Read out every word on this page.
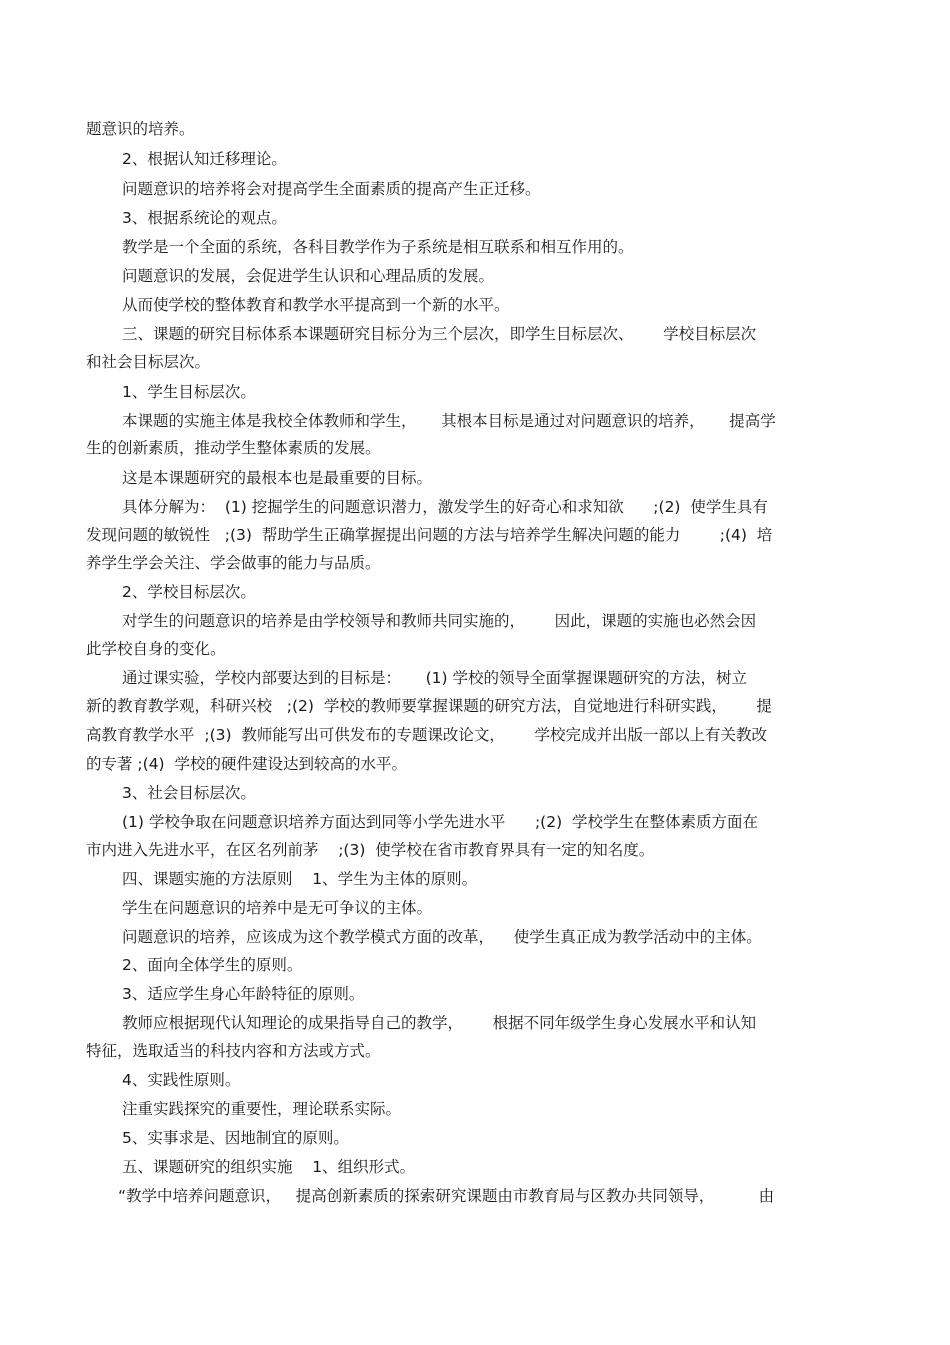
题意识的培养。
2、根据认知迁移理论。
问题意识的培养将会对提高学生全面素质的提高产生正迁移。
3、根据系统论的观点。
教学是一个全面的系统，各科目教学作为子系统是相互联系和相互作用的。
问题意识的发展，会促进学生认识和心理品质的发展。
从而使学校的整体教育和教学水平提高到一个新的水平。
三、课题的研究目标体系本课题研究目标分为三个层次，即学生目标层次、      学校目标层次
和社会目标层次。
1、学生目标层次。
本课题的实施主体是我校全体教师和学生，     其根本目标是通过对问题意识的培养，     提高学
生的创新素质，推动学生整体素质的发展。
这是本课题研究的最根本也是最重要的目标。
具体分解为：  (1) 挖掘学生的问题意识潜力，激发学生的好奇心和求知欲      ;(2)  使学生具有
发现问题的敏锐性   ;(3)  帮助学生正确掌握提出问题的方法与培养学生解决问题的能力        ;(4)  培
养学生学会关注、学会做事的能力与品质。
2、学校目标层次。
对学生的问题意识的培养是由学校领导和教师共同实施的，      因此，课题的实施也必然会因
此学校自身的变化。
通过课实验，学校内部要达到的目标是：     (1) 学校的领导全面掌握课题研究的方法，树立
新的教育教学观，科研兴校   ;(2)  学校的教师要掌握课题的研究方法，自觉地进行科研实践，      提
高教育教学水平  ;(3)  教师能写出可供发布的专题课改论文，      学校完成并出版一部以上有关教改
的专著 ;(4)  学校的硬件建设达到较高的水平。
3、社会目标层次。
(1) 学校争取在问题意识培养方面达到同等小学先进水平      ;(2)  学校学生在整体素质方面在
市内进入先进水平，在区名列前茅    ;(3)  使学校在省市教育界具有一定的知名度。
四、课题实施的方法原则    1、学生为主体的原则。
学生在问题意识的培养中是无可争议的主体。
问题意识的培养，应该成为这个教学模式方面的改革，    使学生真正成为教学活动中的主体。
2、面向全体学生的原则。
3、适应学生身心年龄特征的原则。
教师应根据现代认知理论的成果指导自己的教学，      根据不同年级学生身心发展水平和认知
特征，选取适当的科技内容和方法或方式。
4、实践性原则。
注重实践探究的重要性，理论联系实际。
5、实事求是、因地制宜的原则。
五、课题研究的组织实施    1、组织形式。
“教学中培养问题意识，   提高创新素质的探索研究课题由市教育局与区教办共同领导，         由
